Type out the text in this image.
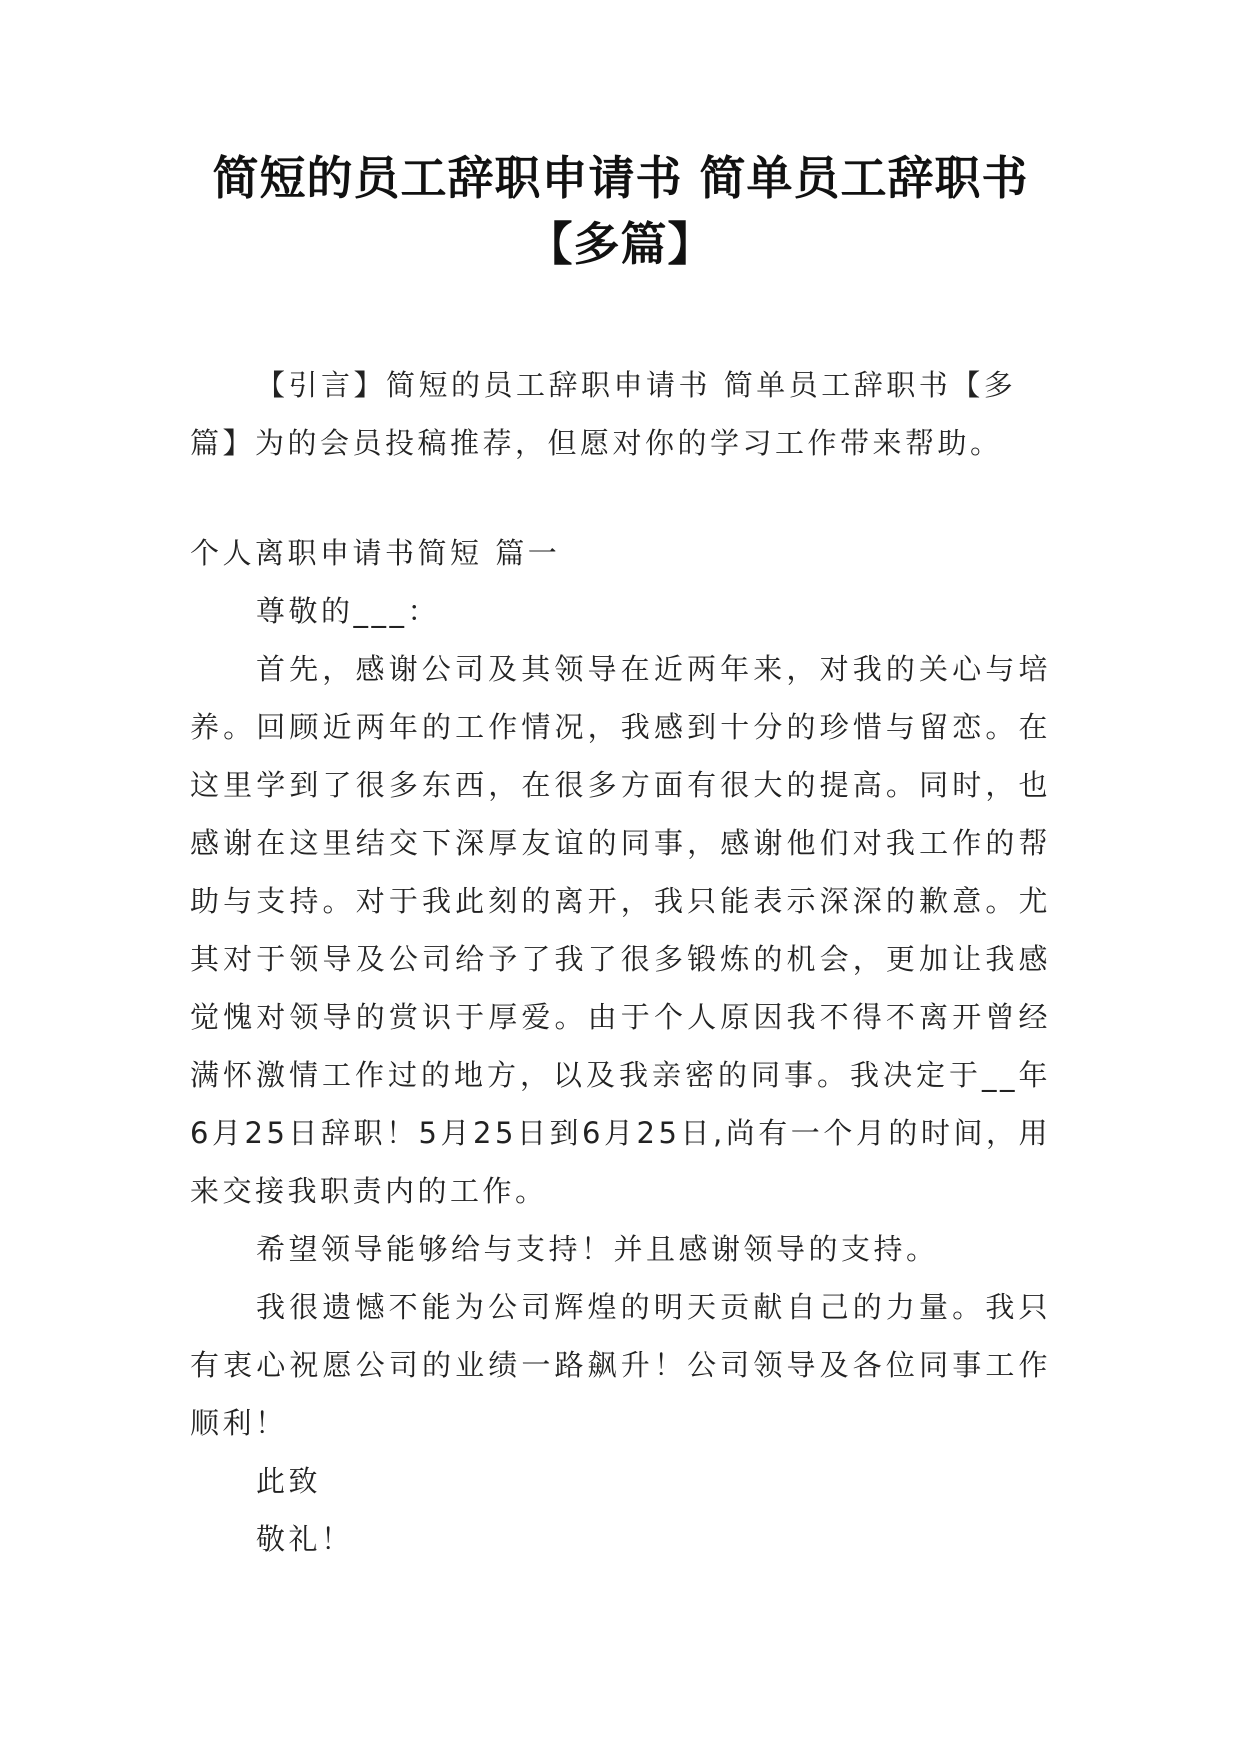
简短的员工辞职申请书 简单员工辞职书【多篇】
【引言】简短的员工辞职申请书 简单员工辞职书【多篇】为的会员投稿推荐，但愿对你的学习工作带来帮助。
个人离职申请书简短 篇一

尊敬的___：

首先，感谢公司及其领导在近两年来，对我的关心与培养。回顾近两年的工作情况，我感到十分的珍惜与留恋。在这里学到了很多东西，在很多方面有很大的提高。同时，也感谢在这里结交下深厚友谊的同事，感谢他们对我工作的帮助与支持。对于我此刻的离开，我只能表示深深的歉意。尤其对于领导及公司给予了我了很多锻炼的机会，更加让我感觉愧对领导的赏识于厚爱。由于个人原因我不得不离开曾经满怀激情工作过的地方，以及我亲密的同事。我决定于__年6月25日辞职！5月25日到6月25日,尚有一个月的时间，用来交接我职责内的工作。

希望领导能够给与支持！并且感谢领导的支持。

我很遗憾不能为公司辉煌的明天贡献自己的力量。我只有衷心祝愿公司的业绩一路飙升！公司领导及各位同事工作顺利！

此致

敬礼！
